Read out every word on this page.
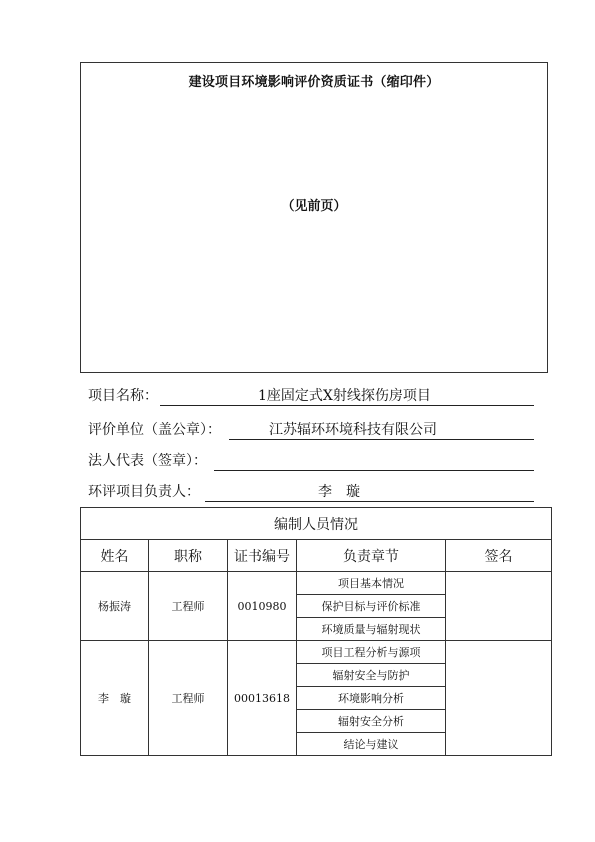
建设项目环境影响评价资质证书（缩印件）
（见前页）
项目名称：	1座固定式X射线探伤房项目
评价单位（盖公章）：	江苏辐环环境科技有限公司
法人代表（签章）：
环评项目负责人：	李　璇
编制人员情况				
姓名	职称	证书编号	负责章节	签名
杨振涛	工程师	0010980	项目基本情况	
			保护目标与评价标准	
			环境质量与辐射现状	
李　璇	工程师	00013618	项目工程分析与源项	
			辐射安全与防护	
			环境影响分析	
			辐射安全分析	
			结论与建议	
